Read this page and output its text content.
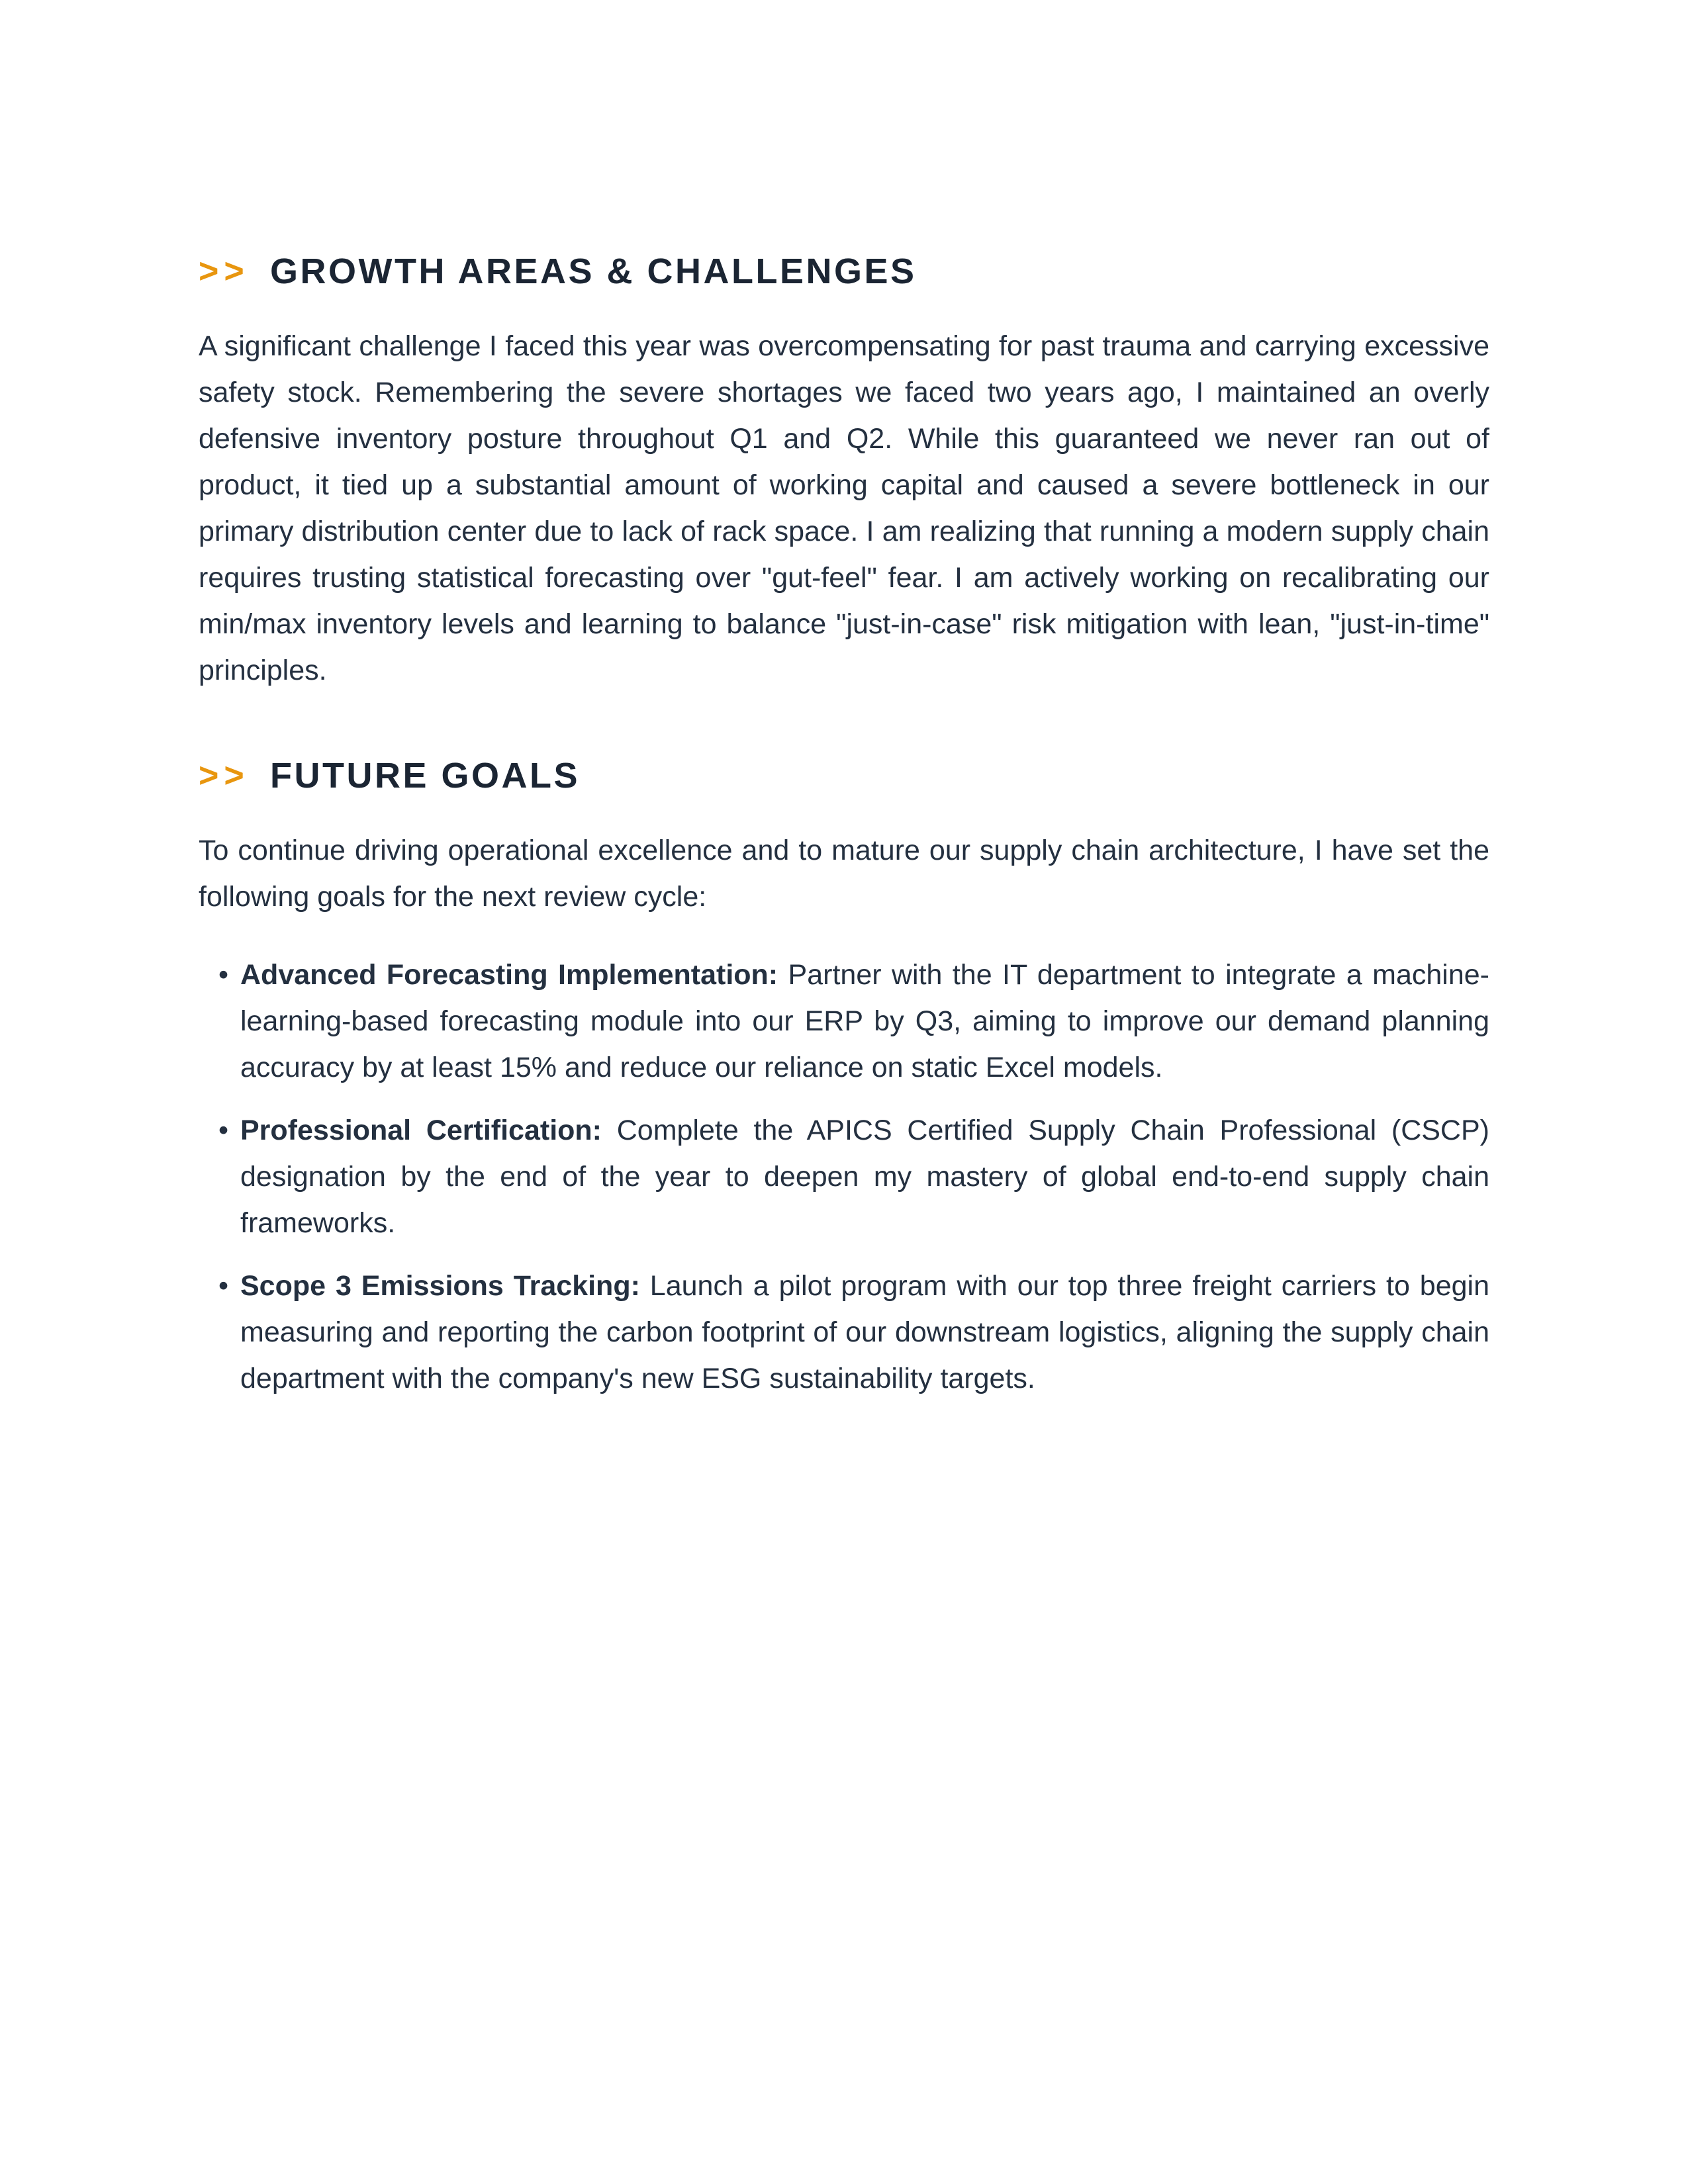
>> GROWTH AREAS & CHALLENGES

A significant challenge I faced this year was overcompensating for past trauma and carrying excessive safety stock. Remembering the severe shortages we faced two years ago, I maintained an overly defensive inventory posture throughout Q1 and Q2. While this guaranteed we never ran out of product, it tied up a substantial amount of working capital and caused a severe bottleneck in our primary distribution center due to lack of rack space. I am realizing that running a modern supply chain requires trusting statistical forecasting over "gut-feel" fear. I am actively working on recalibrating our min/max inventory levels and learning to balance "just-in-case" risk mitigation with lean, "just-in-time" principles.

>> FUTURE GOALS

To continue driving operational excellence and to mature our supply chain architecture, I have set the following goals for the next review cycle:

• Advanced Forecasting Implementation: Partner with the IT department to integrate a machine-learning-based forecasting module into our ERP by Q3, aiming to improve our demand planning accuracy by at least 15% and reduce our reliance on static Excel models.
• Professional Certification: Complete the APICS Certified Supply Chain Professional (CSCP) designation by the end of the year to deepen my mastery of global end-to-end supply chain frameworks.
• Scope 3 Emissions Tracking: Launch a pilot program with our top three freight carriers to begin measuring and reporting the carbon footprint of our downstream logistics, aligning the supply chain department with the company's new ESG sustainability targets.
